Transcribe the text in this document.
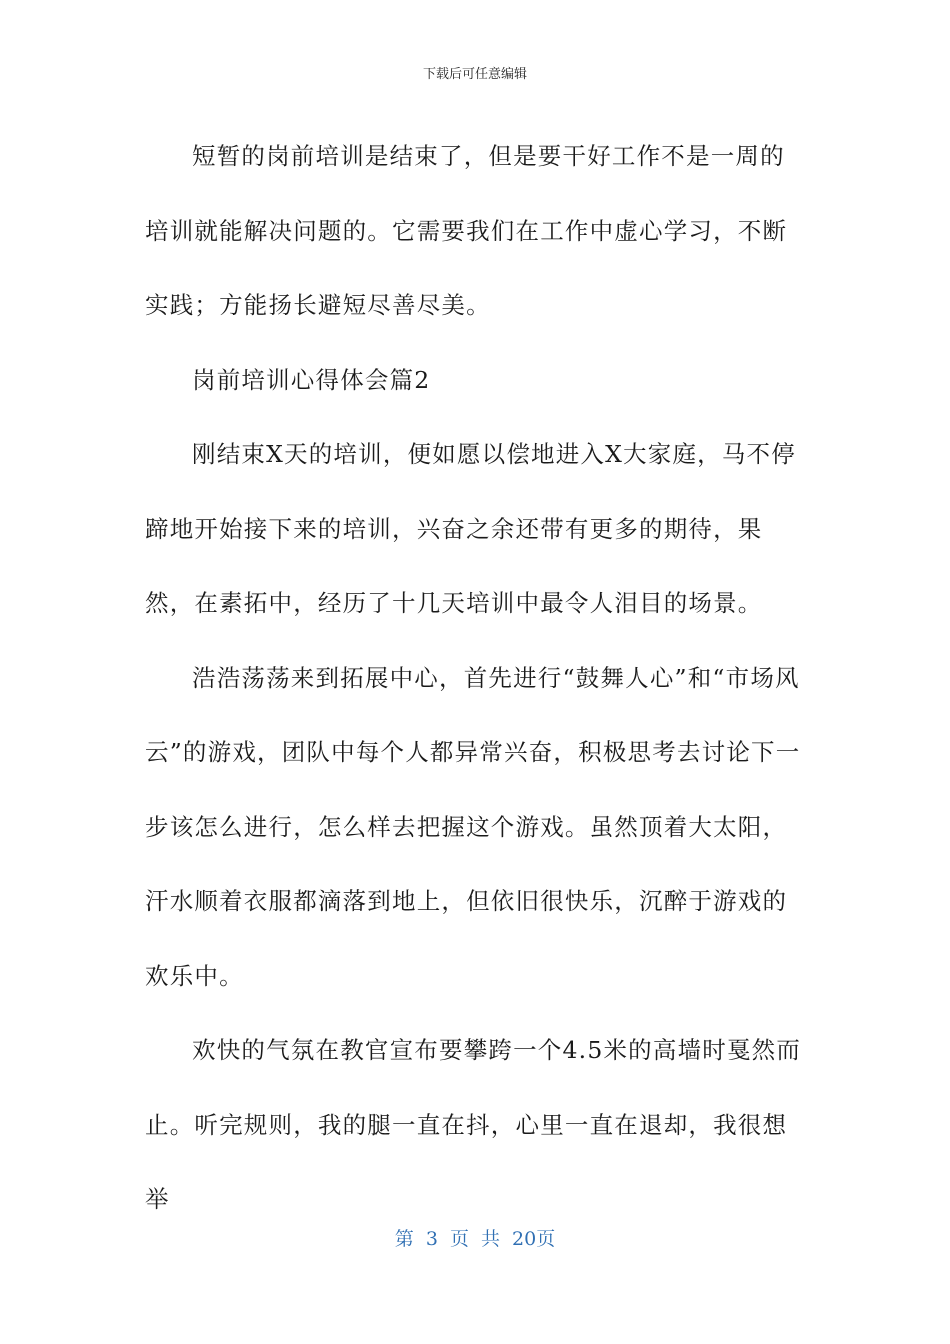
下载后可任意编辑

短暂的岗前培训是结束了，但是要干好工作不是一周的培训就能解决问题的。它需要我们在工作中虚心学习，不断实践；方能扬长避短尽善尽美。

岗前培训心得体会篇2

刚结束X天的培训，便如愿以偿地进入X大家庭，马不停蹄地开始接下来的培训，兴奋之余还带有更多的期待，果然，在素拓中，经历了十几天培训中最令人泪目的场景。

浩浩荡荡来到拓展中心，首先进行“鼓舞人心”和“市场风云”的游戏，团队中每个人都异常兴奋，积极思考去讨论下一步该怎么进行，怎么样去把握这个游戏。虽然顶着大太阳，汗水顺着衣服都滴落到地上，但依旧很快乐，沉醉于游戏的欢乐中。

欢快的气氛在教官宣布要攀跨一个4.5米的高墙时戛然而止。听完规则，我的腿一直在抖，心里一直在退却，我很想举

第 3 页 共 20页
